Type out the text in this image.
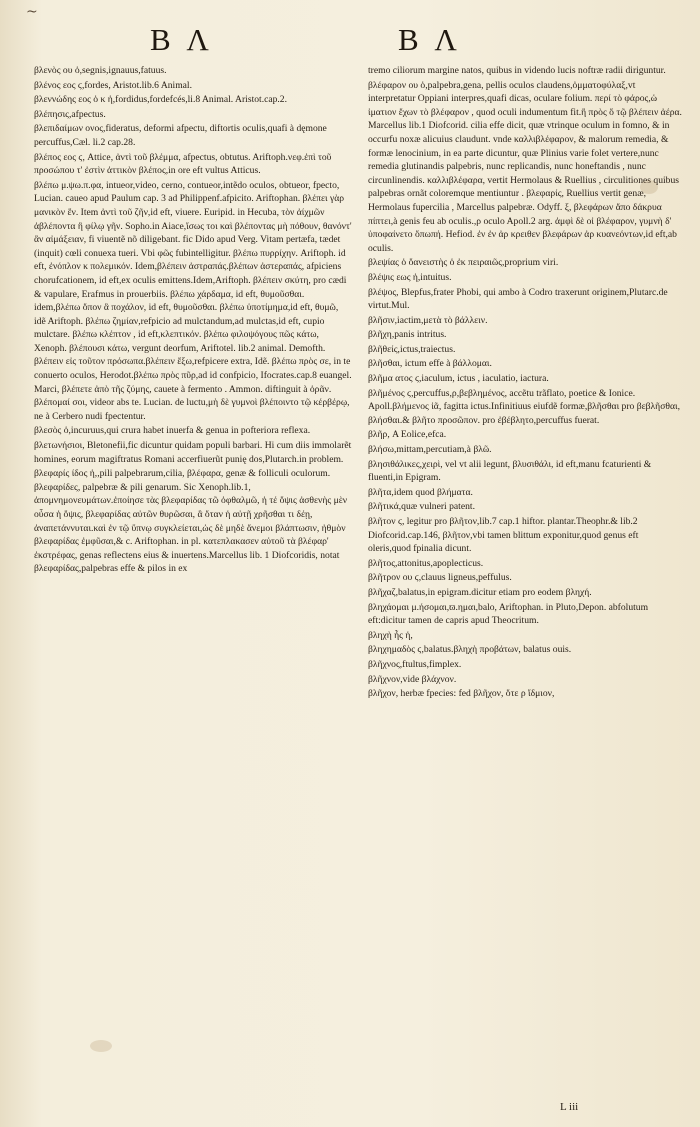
~
B Λ	B Λ

βλενὸς ου ὁ,segnis,ignauus,fatuus.

βλένος εος ϛ,fordes, Aristot.lib.6 Animal.

βλεννώδης εος ὁ κ ἡ,fordidus,fordefcés,li.8 Animal. Aristot.cap.2.

βλέπησις,afpectus.

βλεπιδαίμων ονος,fideratus, deformi afpectu, diftortis oculis,quafi à dęmone percuffus,Cæl. li.2 cap.28.

βλέπος εος ϛ, Attice, ἀντὶ τοῦ βλέμμα, afpectus, obtutus. Ariftoph.νεφ.ἐπὶ τοῦ προσώπου τ' ἐστὶν ἀττικὸν βλέπος,in ore eft vultus Atticus.

βλέπω μ.ψω.π.φα, intueor,video, cerno, contueor,intẽdo oculos, obtueor, fpecto, Lucian. caueo apud Paulum cap. 3 ad Philippenf.afpicito. Ariftophan. βλέπει γὰρ μανικὸν ἕν. Item ἀντὶ τοῦ ζῆν,id eft, viuere. Euripid. in Hecuba, τὸν ἀίχμῶν ἀβλέποντα ἢ φίλῳ γῆν. Sopho.in Aiace,ἴσως τοι καὶ βλέποντας μὴ πόθουν, θανόντ' ἂν αἰμάξειαν, fi viuentẽ nõ diligebant. fic Dido apud Verg. Vitam pertæfa, tædet (inquit) cœli conuexa tueri. Vbi φῶς fubintelligitur. βλέπω πυρρίχην. Ariftoph. id eft, ἐνόπλον κ πολεμικόν. Idem,βλέπειν ἀστραπάς.βλέπων ἀστεραπάς, afpiciens chorufcationem, id eft,ex oculis emittens.Idem,Ariftoph. βλέπειν σκύτη, pro cædi & vapulare, Erafmus in prouerbiis. βλέπω χάρδαμα, id eft, θυμοῦσθαι. idem,βλέπω ὄπον ἂ ποχάλον, id eft, θυμοῦσθαι. βλέπω ὑποτίμημα,id eft, θυμῶ, idẽ Ariftoph. βλέπω ζημίαν,refpicio ad mulctandum,ad mulctas,id eft, cupio mulctare. βλέπω κλέπτον , id eft,κλεπτικόν. βλέπω φιλοψόγους πῶς κάτω, Xenoph. βλέπουσι κάτω, vergunt deorfum, Ariftotel. lib.2 animal. Demofth. βλέπειν εἰς τοῦτον πρόσωπα.βλέπειν ἔξω,refpicere extra, Idẽ. βλέπω πρὸς σε, in te conuerto oculos, Herodot.βλέπω πρὸς πῦρ,ad id confpicio, Ifocrates.cap.8 euangel. Marci, βλέπετε ἀπὸ τῆς ζύμης, cauete à fermento . Ammon. diftinguit à ὁρᾶν. βλέπομαί σοι, videor abs te. Lucian. de luctu,μὴ δὲ γυμνοὶ βλέποιντο τῷ κέρβέρῳ, ne à Cerbero nudi fpectentur.

βλεσὸς ὁ,incuruus,qui crura habet inuerfa & genua in pofteriora reflexa.

βλετωνήσιοι, Bletonefii,fic dicuntur quidam populi barbari. Hi cum diis immolarẽt homines, eorum magiftratus Romani accerfiuerũt punię dos,Plutarch.in problem.

βλεφαρίς ίδος ἡ,,pili palpebrarum,cilia, βλέφαρα, genæ & folliculi oculorum. βλεφαρίδες, palpebræ & pili genarum. Sic Xenoph.lib.1, ἀπομνημονευμάτων.ἐποίησε τὰς βλεφαρίδας τῶ ὀφθαλμῶ, ἡ τέ ὄψις ἀσθενὴς μὲν οὖσα ἡ ὄψις, βλεφαρίδας αὐτῶν θυρῶσαι, ἃ ὅταν ἡ αὐτῇ χρῆσθαι τι δέῃ, ἀναπετάννυται.καὶ ἐν τῷ ὕπνῳ συγκλείεται,ὡς δὲ μηδὲ ἄνεμοι βλάπτωσιν, ἠθμὸν βλεφαρίδας ἐμφῦσαι,& c. Ariftophan. in pl. κατεπλακασεν αὐτοῦ τὰ βλέφαρ' ἐκστρέφας, genas reflectens eius & inuertens.Marcellus lib. 1 Diofcoridis, notat βλεφαρίδας,palpebras effe & pilos in ex

tremo ciliorum margine natos, quibus in videndo lucis noftræ radii diriguntur.

βλέφαρον ου ὁ,palpebra,gena, pellis oculos claudens,ὀμματοφύλαξ,vt interpretatur Oppiani interpres,quafi dicas, oculare folium. περί τὸ φάρος,ὡ ἰματιον ἔχων τὸ βλέφαρον , quod oculi indumentum fit.ἢ πρὸς ὅ τῷ βλέπειν ἀέρα. Marcellus lib.1 Diofcorid. cilia effe dicit, quæ vtrinque oculum in fomno, & in occurfu noxæ alicuius claudunt. vnde καλλιβλέφαρον, & malorum remedia, & formæ lenocinium, in ea parte dicuntur, quæ Plinius varie folet vertere,nunc remedia glutinandis palpebris, nunc replicandis, nunc honeftandis , nunc circunlinendis. καλλιβλέφαρα, vertit Hermolaus & Ruellius , circulitiones quibus palpebras ornãt coloremque mentiuntur . βλεφαρίς, Ruellius vertit genæ, Hermolaus fupercilia , Marcellus palpebræ. Odyff. ξ, βλεφάρων ἄπο δάκρυα πίπτει,à genis feu ab oculis.,ρ oculo Apoll.2 arg. ἀμφὶ δὲ οἱ βλέφαρον, γυμνὴ δ' ὑποφαίνετο ὅπωπή. Hefiod. ἐν ἐν ἀρ κρειθεν βλεφάρων ἀρ κυανεόντων,id eft,ab oculis.

βλεψίας ὁ ὄανειστὴς ὁ ἐκ πειραιῶς,proprium viri.

βλέψις εως ἡ,intuitus.

βλέψος, Blepfus,frater Phobi, qui ambo à Codro traxerunt originem,Plutarc.de virtut.Mul.

βλῆσιν,iactim,μετὰ τὸ βάλλειν.

βλῆχη,panis intritus.

βλῆθείς,ictus,traiectus.

βλῆσθαι, ictum effe à βάλλομαι.

βλῆμα ατος ϛ,iaculum, ictus , iaculatio, iactura.

βλῆμένος ϛ,percuffus,ρ,βεβλημένος, accẽtu trãflato, poetice & Ionice. Apoll.βλήμενος ἰᾶ, fagitta ictus.Infinitiuus eiufdẽ formæ,βλῆσθαι pro βεβλῆσθαι, βλήσθαι.& βλῆτο προσῶπον. pro ἐβέβλητο,percuffus fuerat.

βλῆρ, A Eolice,efca.

βλήσω,mittam,percutiam,à βλῶ.

βλησιθάλικες,χειρὶ, vel vt alii legunt, βλυσιθάλι, id eft,manu fcaturienti & fluenti,in Epigram.

βλῆτα,idem quod βλήματα.

βλῆτικά,quæ vulneri patent.

βλῆτον ϛ, legitur pro βλῆτον,lib.7 cap.1 hiftor. plantar.Theophr.& lib.2 Diofcorid.cap.146, βλῆτον,vbi tamen blittum exponitur,quod genus eft oleris,quod fpinalia dicunt.

βλῆτος,attonitus,apoplecticus.

βλῆτρον ου ϛ,clauus ligneus,peffulus.

βλῆχαζ,balatus,in epigram.dicitur etiam pro eodem βληχή.

βληχάομαι μ.ήσομαι,ϖ.ημαι,balo, Ariftophan. in Pluto,Depon. abfolutum eft:dicitur tamen de capris apud Theocritum.

βληχὴ ἦς ἡ,

βληχημαδὸς ϛ,balatus.βληχὴ προβάτων, balatus ouis.

βλῆχνος,ftultus,fimplex.

βλῆχνον,vide βλάχνον.

βλῆχον, herbæ fpecies: fed βλῆχον, ὅτε ρ ἴδμιον,

L iii
